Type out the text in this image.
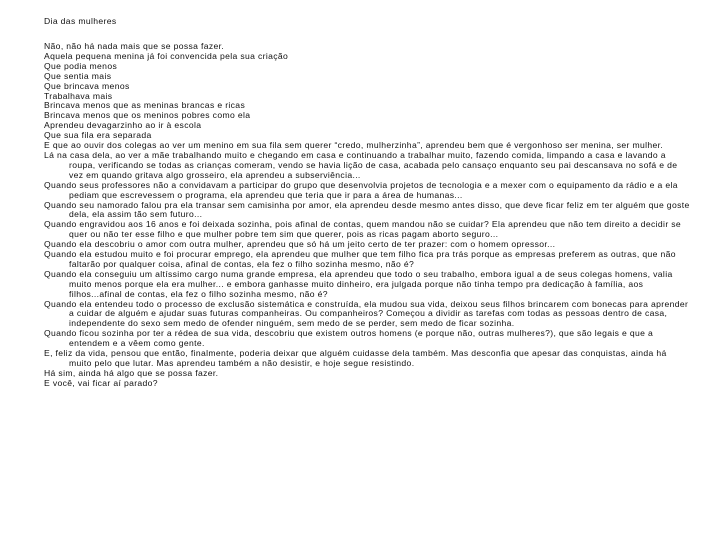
Dia das mulheres

Não, não há nada mais que se possa fazer.

Aquela pequena menina já foi convencida pela sua criação

Que podia menos

Que sentia mais

Que brincava menos

Trabalhava mais

Brincava menos que as meninas brancas e ricas

Brincava menos que os meninos pobres como ela

Aprendeu devagarzinho ao ir à escola

Que sua fila era separada

E que ao ouvir dos colegas ao ver um menino em sua fila sem querer “credo, mulherzinha”, aprendeu bem que é vergonhoso ser menina, ser mulher.

Lá na casa dela, ao ver a mãe trabalhando muito e chegando em casa e continuando a trabalhar muito, fazendo comida, limpando a casa e lavando a roupa, verificando se todas as crianças comeram, vendo se havia lição de casa, acabada pelo cansaço enquanto seu pai descansava no sofá e de vez em quando gritava algo grosseiro, ela aprendeu a subserviência...

Quando seus professores não a convidavam a participar do grupo que desenvolvia projetos de tecnologia e a mexer com o equipamento da rádio e a ela pediam que escrevessem o programa, ela aprendeu que teria que ir para a área de humanas...

Quando seu namorado falou pra ela transar sem camisinha por amor, ela aprendeu desde mesmo antes disso, que deve ficar feliz em ter alguém que goste dela, ela assim tão sem futuro...

Quando engravidou aos 16 anos e foi deixada sozinha, pois afinal de contas, quem mandou não se cuidar? Ela aprendeu que não tem direito a decidir se quer ou não ter esse filho e que mulher pobre tem sim que querer, pois as ricas pagam aborto seguro...

Quando ela descobriu o amor com outra mulher, aprendeu que só há um jeito certo de ter prazer: com o homem opressor...

Quando ela estudou muito e foi procurar emprego, ela aprendeu que mulher que tem filho fica pra trás porque as empresas preferem as outras, que não faltarão por qualquer coisa, afinal de contas, ela fez o filho sozinha mesmo, não é?

Quando ela conseguiu um altíssimo cargo numa grande empresa, ela aprendeu que todo o seu trabalho, embora igual a de seus colegas homens, valia muito menos porque ela era mulher... e embora ganhasse muito dinheiro, era julgada porque não tinha tempo pra dedicação à família, aos filhos...afinal de contas, ela fez o filho sozinha mesmo, não é?

Quando ela entendeu todo o processo de exclusão sistemática e construída, ela mudou sua vida, deixou seus filhos brincarem com bonecas para aprender a cuidar de alguém e ajudar suas futuras companheiras. Ou companheiros? Começou a dividir as tarefas com todas as pessoas dentro de casa, independente do sexo sem medo de ofender ninguém, sem medo de se perder, sem medo de ficar sozinha.

Quando ficou sozinha por ter a rédea de sua vida, descobriu que existem outros homens (e porque não, outras mulheres?), que são legais e que a entendem e a vêem como gente.

E, feliz da vida, pensou que então, finalmente, poderia deixar que alguém cuidasse dela também. Mas desconfia que apesar das conquistas, ainda há muito pelo que lutar. Mas aprendeu também a não desistir, e hoje segue resistindo.

Há sim, ainda há algo que se possa fazer.

E você, vai ficar aí parado?
